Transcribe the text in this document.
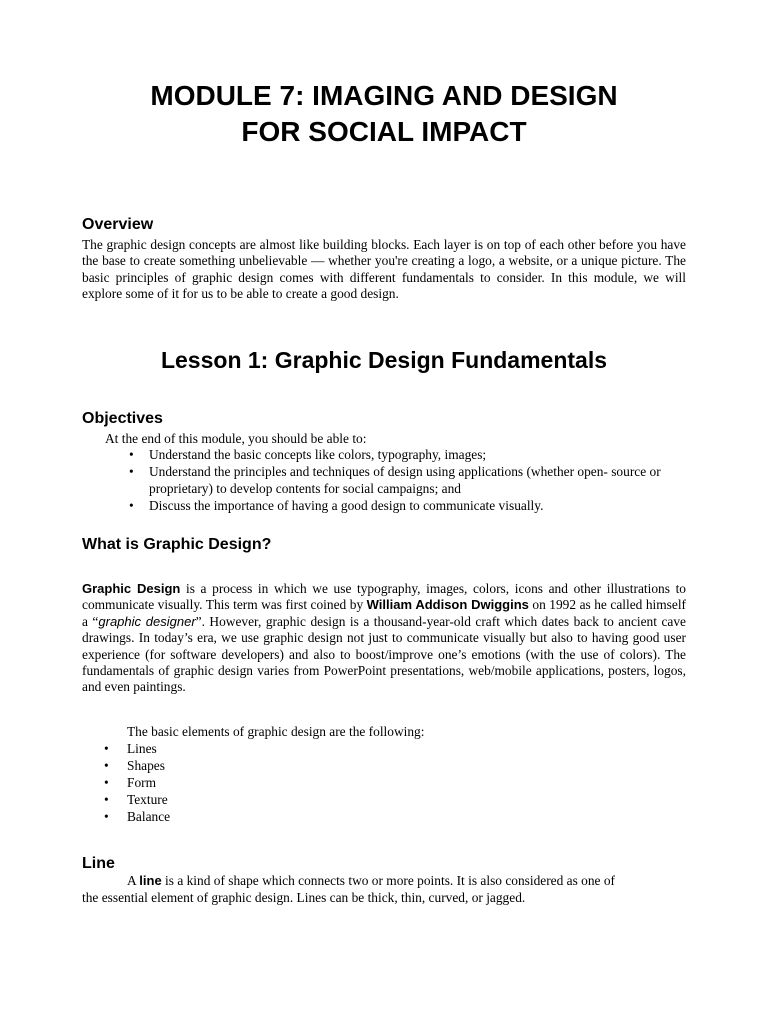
MODULE 7: IMAGING AND DESIGN
FOR SOCIAL IMPACT
Overview

The graphic design concepts are almost like building blocks. Each layer is on top of each other before you have the base to create something unbelievable — whether you're creating a logo, a website, or a unique picture. The basic principles of graphic design comes with different fundamentals to consider. In this module, we will explore some of it for us to be able to create a good design.

Lesson 1: Graphic Design Fundamentals
Objectives

At the end of this module, you should be able to:

• Understand the basic concepts like colors, typography, images;
• Understand the principles and techniques of design using applications (whether open- source or proprietary) to develop contents for social campaigns; and
• Discuss the importance of having a good design to communicate visually.
What is Graphic Design?

Graphic Design is a process in which we use typography, images, colors, icons and other illustrations to communicate visually. This term was first coined by William Addison Dwiggins on 1992 as he called himself a “graphic designer”. However, graphic design is a thousand-year-old craft which dates back to ancient cave drawings. In today’s era, we use graphic design not just to communicate visually but also to having good user experience (for software developers) and also to boost/improve one’s emotions (with the use of colors). The fundamentals of graphic design varies from PowerPoint presentations, web/mobile applications, posters, logos, and even paintings.

The basic elements of graphic design are the following:

• Lines
• Shapes
• Form
• Texture
• Balance
Line

A line is a kind of shape which connects two or more points. It is also considered as one of

the essential element of graphic design. Lines can be thick, thin, curved, or jagged.
